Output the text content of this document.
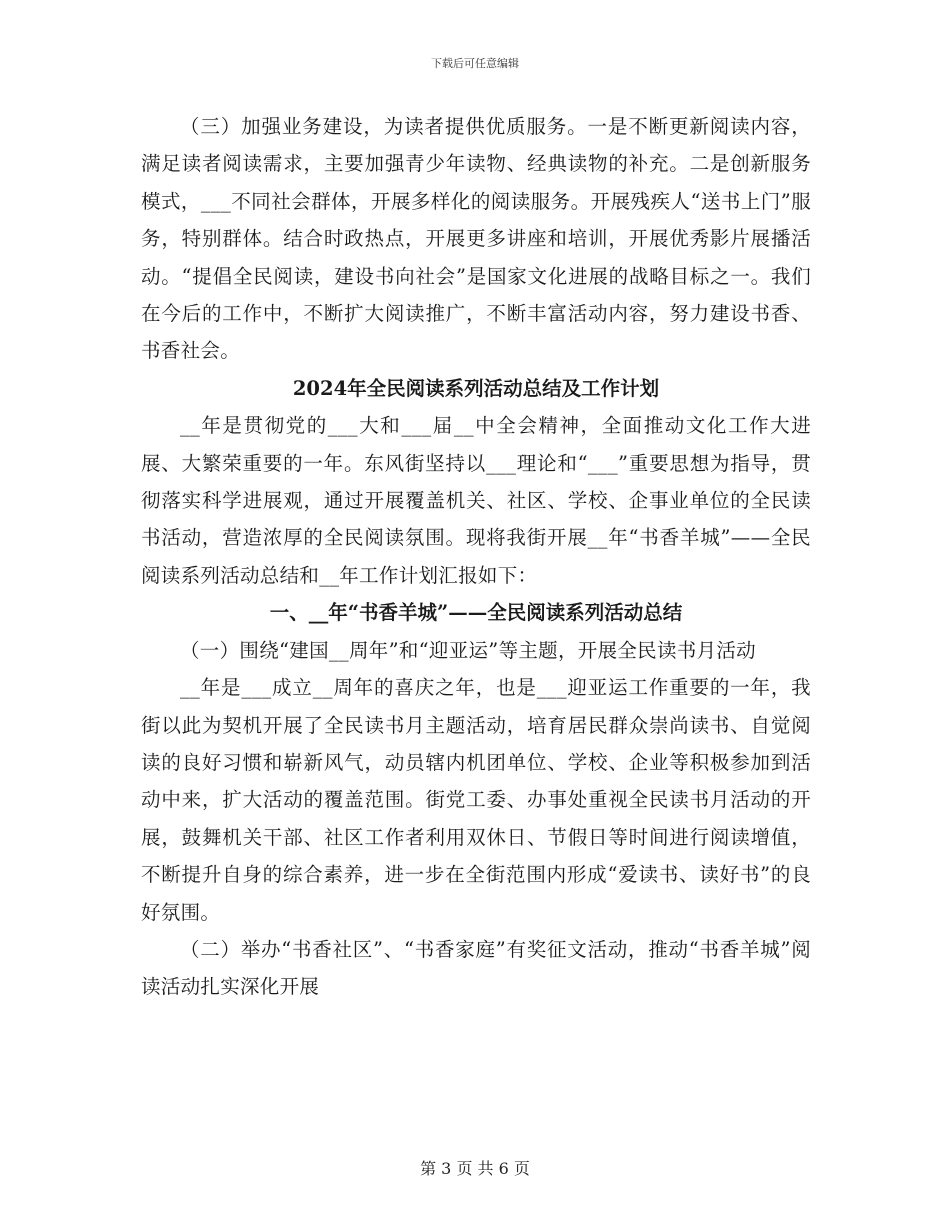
下载后可任意编辑

（三）加强业务建设，为读者提供优质服务。一是不断更新阅读内容，满足读者阅读需求，主要加强青少年读物、经典读物的补充。二是创新服务模式，___不同社会群体，开展多样化的阅读服务。开展残疾人“送书上门”服务，特别群体。结合时政热点，开展更多讲座和培训，开展优秀影片展播活动。“提倡全民阅读，建设书向社会”是国家文化进展的战略目标之一。我们在今后的工作中，不断扩大阅读推广，不断丰富活动内容，努力建设书香、书香社会。

2024年全民阅读系列活动总结及工作计划

__年是贯彻党的___大和___届__中全会精神，全面推动文化工作大进展、大繁荣重要的一年。东风街坚持以___理论和“___”重要思想为指导，贯彻落实科学进展观，通过开展覆盖机关、社区、学校、企事业单位的全民读书活动，营造浓厚的全民阅读氛围。现将我街开展__年“书香羊城”——全民阅读系列活动总结和__年工作计划汇报如下：

一、__年“书香羊城”——全民阅读系列活动总结

（一）围绕“建国__周年”和“迎亚运”等主题，开展全民读书月活动

__年是___成立__周年的喜庆之年，也是___迎亚运工作重要的一年，我街以此为契机开展了全民读书月主题活动，培育居民群众崇尚读书、自觉阅读的良好习惯和崭新风气，动员辖内机团单位、学校、企业等积极参加到活动中来，扩大活动的覆盖范围。街党工委、办事处重视全民读书月活动的开展，鼓舞机关干部、社区工作者利用双休日、节假日等时间进行阅读增值，不断提升自身的综合素养，进一步在全街范围内形成“爱读书、读好书”的良好氛围。

（二）举办“书香社区”、“书香家庭”有奖征文活动，推动“书香羊城”阅读活动扎实深化开展

第 3 页 共 6 页
